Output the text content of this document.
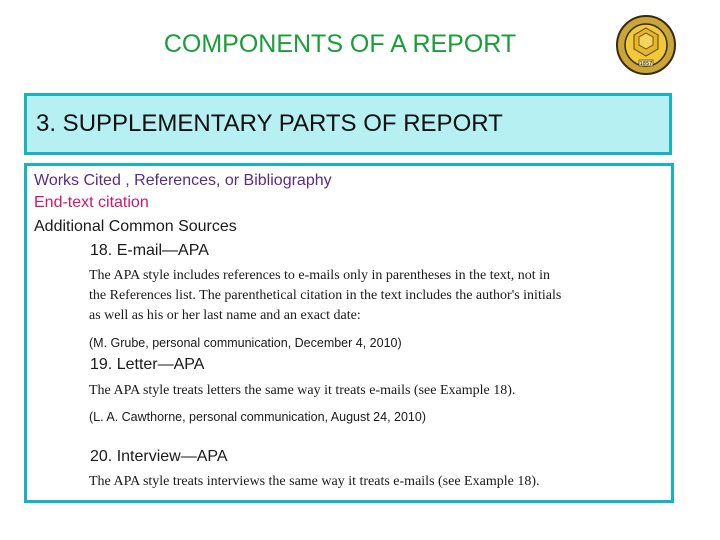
COMPONENTS OF A REPORT
1857
3. SUPPLEMENTARY PARTS OF REPORT
Works Cited , References, or Bibliography
End-text citation
Additional Common Sources
18. E-mail—APA
The APA style includes references to e-mails only in parentheses in the text, not in
the References list. The parenthetical citation in the text includes the author's initials
as well as his or her last name and an exact date:
(M. Grube, personal communication, December 4, 2010)
19. Letter—APA
The APA style treats letters the same way it treats e-mails (see Example 18).
(L. A. Cawthorne, personal communication, August 24, 2010)
20. Interview—APA
The APA style treats interviews the same way it treats e-mails (see Example 18).
